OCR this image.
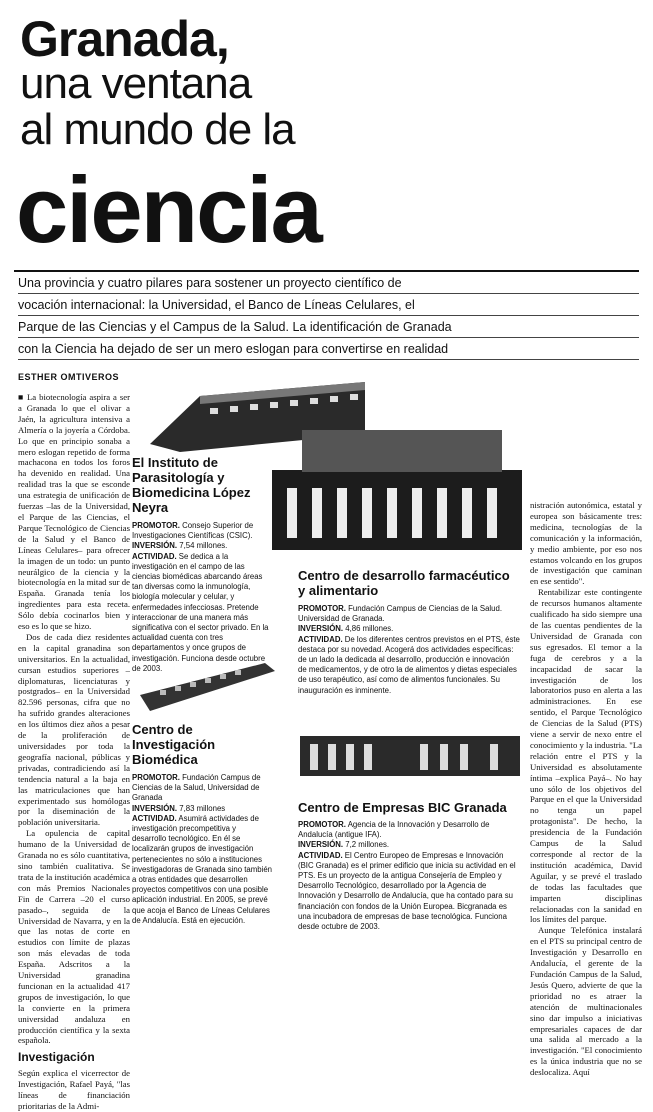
Granada,
una ventana
al mundo de la
ciencia
Una provincia y cuatro pilares para sostener un proyecto científico de
vocación internacional: la Universidad, el Banco de Líneas Celulares, el
Parque de las Ciencias y el Campus de la Salud. La identificación de Granada
con la Ciencia ha dejado de ser un mero eslogan para convertirse en realidad
ESTHER OMTIVEROS

■ La biotecnología aspira a ser a Granada lo que el olivar a Jaén, la agricultura intensiva a Almería o la joyería a Córdoba. Lo que en principio sonaba a mero eslogan repetido de forma machacona en todos los foros ha devenido en realidad. Una realidad tras la que se esconde una estrategia de unificación de fuerzas –las de la Universidad, el Parque de las Ciencias, el Parque Tecnológico de Ciencias de la Salud y el Banco de Líneas Celulares– para ofrecer la imagen de un todo: un punto neurálgico de la ciencia y la biotecnología en la mitad sur de España. Granada tenía los ingredientes para esta receta. Sólo debía cocinarlos bien y eso es lo que se hizo.

Dos de cada diez residentes en la capital granadina son universitarios. En la actualidad, cursan estudios superiores –diplomaturas, licenciaturas y postgrados– en la Universidad 82.596 personas, cifra que no ha sufrido grandes alteraciones en los últimos diez años a pesar de la proliferación de universidades por toda la geografía nacional, públicas y privadas, contradiciendo así la tendencia natural a la baja en las matriculaciones que han experimentado sus homólogas por la diseminación de la población universitaria.

La opulencia de capital humano de la Universidad de Granada no es sólo cuantitativa, sino también cualitativa. Se trata de la institución académica con más Premios Nacionales Fin de Carrera –20 el curso pasado–, seguida de la Universidad de Navarra, y en la que las notas de corte en estudios con límite de plazas son más elevadas de toda España. Adscritos a la Universidad granadina funcionan en la actualidad 417 grupos de investigación, lo que la convierte en la primera universidad andaluza en producción científica y la sexta española.

Investigación

Según explica el vicerrector de Investigación, Rafael Payá, "las líneas de financiación prioritarias de la Admi-

El Instituto de Parasitología y Biomedicina López Neyra
PROMOTOR. Consejo Superior de Investigaciones Científicas (CSIC).
INVERSIÓN. 7,54 millones.
ACTIVIDAD. Se dedica a la investigación en el campo de las ciencias biomédicas abarcando áreas tan diversas como la inmunología, biología molecular y celular, y enfermedades infecciosas. Pretende interaccionar de una manera más significativa con el sector privado. En la actualidad cuenta con tres departamentos y once grupos de investigación. Funciona desde octubre de 2003.
Centro de Investigación Biomédica
PROMOTOR. Fundación Campus de Ciencias de la Salud, Universidad de Granada
INVERSIÓN. 7,83 millones
ACTIVIDAD. Asumirá actividades de investigación precompetitiva y desarrollo tecnológico. En él se localizarán grupos de investigación pertenecientes no sólo a instituciones investigadoras de Granada sino también a otras entidades que desarrollen proyectos competitivos con una posible aplicación industrial. En 2005, se prevé que acoja el Banco de Líneas Celulares de Andalucía. Está en ejecución.
Centro de desarrollo farmacéutico y alimentario
PROMOTOR. Fundación Campus de Ciencias de la Salud. Universidad de Granada.
INVERSIÓN. 4,86 millones.
ACTIVIDAD. De los diferentes centros previstos en el PTS, éste destaca por su novedad. Acogerá dos actividades específicas: de un lado la dedicada al desarrollo, producción e innovación de medicamentos, y de otro la de alimentos y dietas especiales de uso terapéutico, así como de alimentos funcionales. Su inauguración es inminente.
Centro de Empresas BIC Granada
PROMOTOR. Agencia de la Innovación y Desarrollo de Andalucía (antigue IFA).
INVERSIÓN. 7,2 millones.
ACTIVIDAD. El Centro Europeo de Empresas e Innovación (BIC Granada) es el primer edificio que inicia su actividad en el PTS. Es un proyecto de la antigua Consejería de Empleo y Desarrollo Tecnológico, desarrollado por la Agencia de Innovación y Desarrollo de Andalucía, que ha contado para su financiación con fondos de la Unión Europea. Bicgranada es una incubadora de empresas de base tecnológica. Funciona desde octubre de 2003.

nistración autonómica, estatal y europea son básicamente tres: medicina, tecnologías de la comunicación y la información, y medio ambiente, por eso nos estamos volcando en los grupos de investigación que caminan en ese sentido".

Rentabilizar este contingente de recursos humanos altamente cualificado ha sido siempre una de las cuentas pendientes de la Universidad de Granada con sus egresados. El temor a la fuga de cerebros y a la incapacidad de sacar la investigación de los laboratorios puso en alerta a las administraciones. En ese sentido, el Parque Tecnológico de Ciencias de la Salud (PTS) viene a servir de nexo entre el conocimiento y la industria. "La relación entre el PTS y la Universidad es absolutamente íntima –explica Payá–. No hay uno sólo de los objetivos del Parque en el que la Universidad no tenga un papel protagonista". De hecho, la presidencia de la Fundación Campus de la Salud corresponde al rector de la institución académica, David Aguilar, y se prevé el traslado de todas las facultades que imparten disciplinas relacionadas con la sanidad en los límites del parque.

Aunque Telefónica instalará en el PTS su principal centro de Investigación y Desarrollo en Andalucía, el gerente de la Fundación Campus de la Salud, Jesús Quero, advierte de que la prioridad no es atraer la atención de multinacionales sino dar impulso a iniciativas empresariales capaces de dar una salida al mercado a la investigación. "El conocimiento es la única industria que no se deslocaliza. Aquí
